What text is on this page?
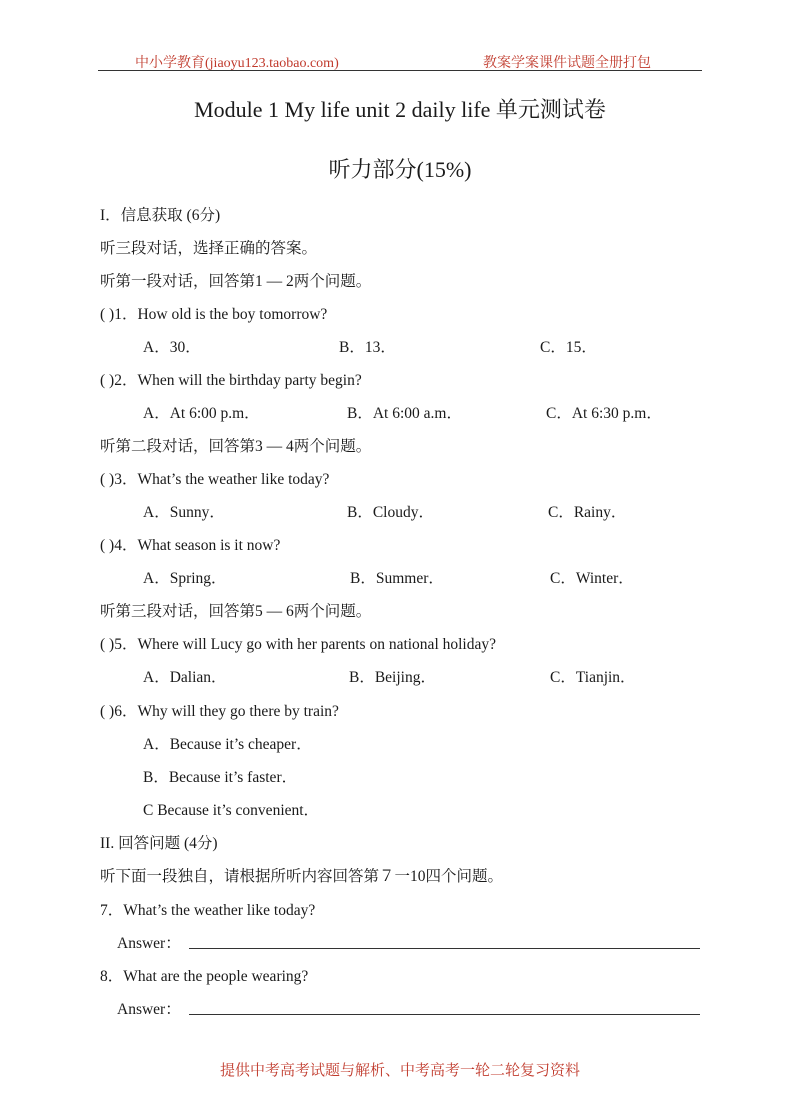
中小学教育(jiaoyu123.taobao.com)	教案学案课件试题全册打包
Module 1 My life unit 2 daily life 单元测试卷
听力部分(15%)
I．信息获取 (6分)
听三段对话，选择正确的答案。
听第一段对话，回答第1 — 2两个问题。
( )1．How old is the boy tomorrow?
A．30．	B．13．	C．15．
( )2．When will the birthday party begin?
A．At 6:00 p.m．	B．At 6:00 a.m．	C．At 6:30 p.m．
听第二段对话，回答第3 — 4两个问题。
( )3．What’s the weather like today?
A．Sunny．	B．Cloudy．	C．Rainy．
( )4．What season is it now?
A．Spring．	B．Summer．	C．Winter．
听第三段对话，回答第5 — 6两个问题。
( )5．Where will Lucy go with her parents on national holiday?
A．Dalian．	B．Beijing．	C．Tianjin．
( )6．Why will they go there by train?
A．Because it’s cheaper．
B．Because it’s faster．
C Because it’s convenient．
II. 回答问题 (4分)
听下面一段独自，请根据所听内容回答第７一10四个问题。
7．What’s the weather like today?
Answer：
8．What are the people wearing?
Answer：
提供中考高考试题与解析、中考高考一轮二轮复习资料
